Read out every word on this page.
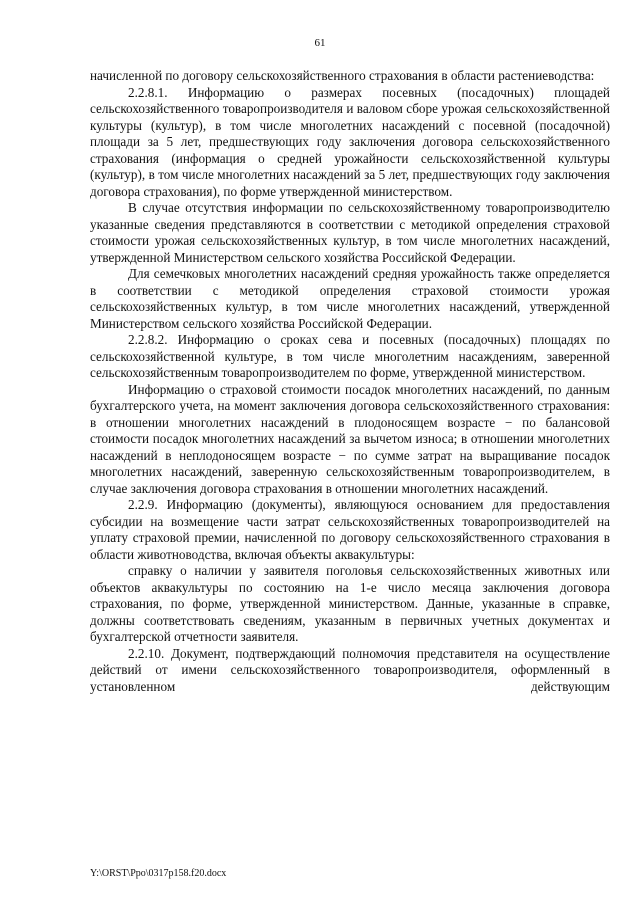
61

начисленной по договору сельскохозяйственного страхования в области растениеводства:

2.2.8.1. Информацию о размерах посевных (посадочных) площадей сельскохозяйственного товаропроизводителя и валовом сборе урожая сельскохозяйственной культуры (культур), в том числе многолетних насаждений с посевной (посадочной) площади за 5 лет, предшествующих году заключения договора сельскохозяйственного страхования (информация о средней урожайности сельскохозяйственной культуры (культур), в том числе многолетних насаждений за 5 лет, предшествующих году заключения договора страхования), по форме утвержденной министерством.

В случае отсутствия информации по сельскохозяйственному товаропроизводителю указанные сведения представляются в соответствии с методикой определения страховой стоимости урожая сельскохозяйственных культур, в том числе многолетних насаждений, утвержденной Министерством сельского хозяйства Российской Федерации.

Для семечковых многолетних насаждений средняя урожайность также определяется в соответствии с методикой определения страховой стоимости урожая сельскохозяйственных культур, в том числе многолетних насаждений, утвержденной Министерством сельского хозяйства Российской Федерации.

2.2.8.2. Информацию о сроках сева и посевных (посадочных) площадях по сельскохозяйственной культуре, в том числе многолетним насаждениям, заверенной сельскохозяйственным товаропроизводителем по форме, утвержденной министерством.

Информацию о страховой стоимости посадок многолетних насаждений, по данным бухгалтерского учета, на момент заключения договора сельскохозяйственного страхования: в отношении многолетних насаждений в плодоносящем возрасте − по балансовой стоимости посадок многолетних насаждений за вычетом износа; в отношении многолетних насаждений в неплодоносящем возрасте − по сумме затрат на выращивание посадок многолетних насаждений, заверенную сельскохозяйственным товаропроизводителем, в случае заключения договора страхования в отношении многолетних насаждений.

2.2.9. Информацию (документы), являющуюся основанием для предоставления субсидии на возмещение части затрат сельскохозяйственных товаропроизводителей на уплату страховой премии, начисленной по договору сельскохозяйственного страхования в области животноводства, включая объекты аквакультуры:

справку о наличии у заявителя поголовья сельскохозяйственных животных или объектов аквакультуры по состоянию на 1-е число месяца заключения договора страхования, по форме, утвержденной министерством. Данные, указанные в справке, должны соответствовать сведениям, указанным в первичных учетных документах и бухгалтерской отчетности заявителя.

2.2.10. Документ, подтверждающий полномочия представителя на осуществление действий от имени сельскохозяйственного товаропроизводителя, оформленный в установленном действующим

Y:\ORST\Ppo\0317p158.f20.docx
